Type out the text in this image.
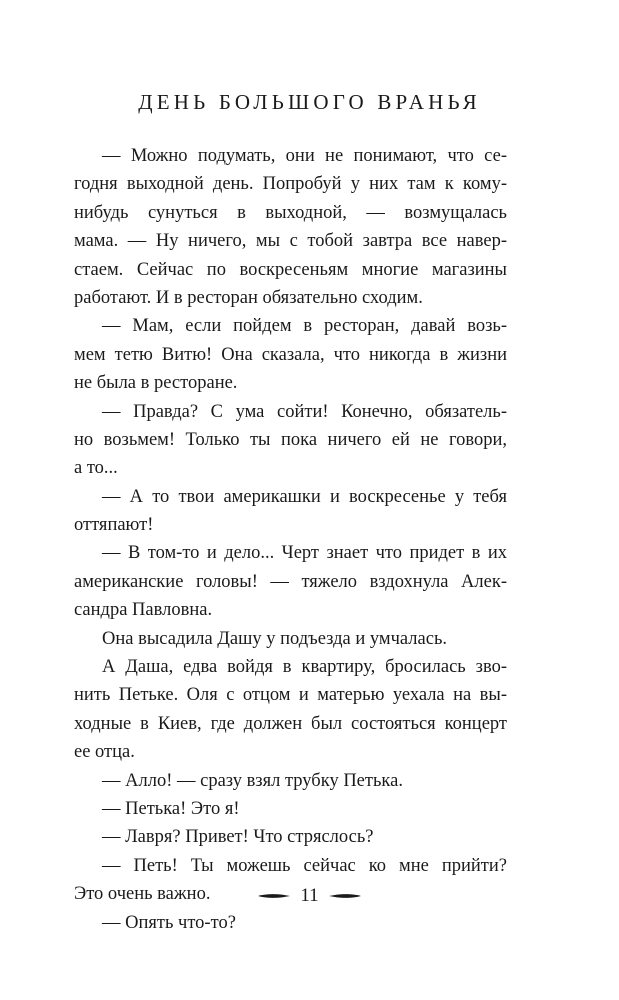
ДЕНЬ БОЛЬШОГО ВРАНЬЯ
— Можно подумать, они не понимают, что се-
годня выходной день. Попробуй у них там к кому-
нибудь сунуться в выходной, — возмущалась
мама. — Ну ничего, мы с тобой завтра все навер-
стаем. Сейчас по воскресеньям многие магазины
работают. И в ресторан обязательно сходим.
— Мам, если пойдем в ресторан, давай возь-
мем тетю Витю! Она сказала, что никогда в жизни
не была в ресторане.
— Правда? С ума сойти! Конечно, обязатель-
но возьмем! Только ты пока ничего ей не говори,
а то...
— А то твои америкашки и воскресенье у тебя
оттяпают!
— В том-то и дело... Черт знает что придет в их
американские головы! — тяжело вздохнула Алек-
сандра Павловна.
Она высадила Дашу у подъезда и умчалась.
А Даша, едва войдя в квартиру, бросилась зво-
нить Петьке. Оля с отцом и матерью уехала на вы-
ходные в Киев, где должен был состояться концерт
ее отца.
— Алло! — сразу взял трубку Петька.
— Петька! Это я!
— Лавря? Привет! Что стряслось?
— Петь! Ты можешь сейчас ко мне прийти?
Это очень важно.
— Опять что-то?
11
